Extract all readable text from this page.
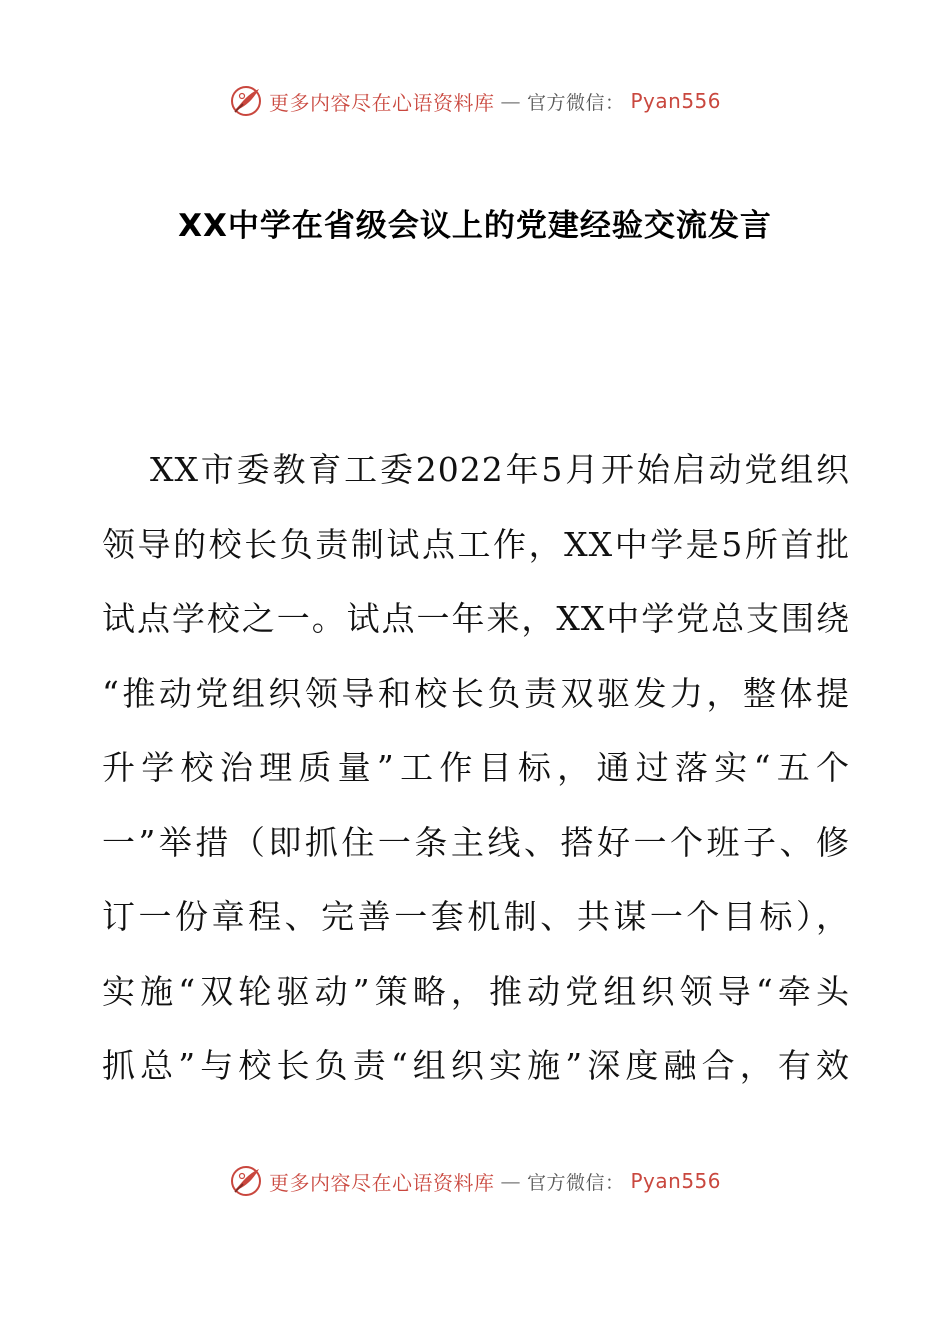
更多内容尽在心语资料库 — 官方微信： Pyan556
XX中学在省级会议上的党建经验交流发言
XX市委教育工委2022年5月开始启动党组织
领导的校长负责制试点工作，XX中学是5所首批
试点学校之一。试点一年来，XX中学党总支围绕
“推动党组织领导和校长负责双驱发力，整体提
升学校治理质量”工作目标，通过落实“五个
一”举措（即抓住一条主线、搭好一个班子、修
订一份章程、完善一套机制、共谋一个目标），
实施“双轮驱动”策略，推动党组织领导“牵头
抓总”与校长负责“组织实施”深度融合，有效
更多内容尽在心语资料库 — 官方微信： Pyan556
